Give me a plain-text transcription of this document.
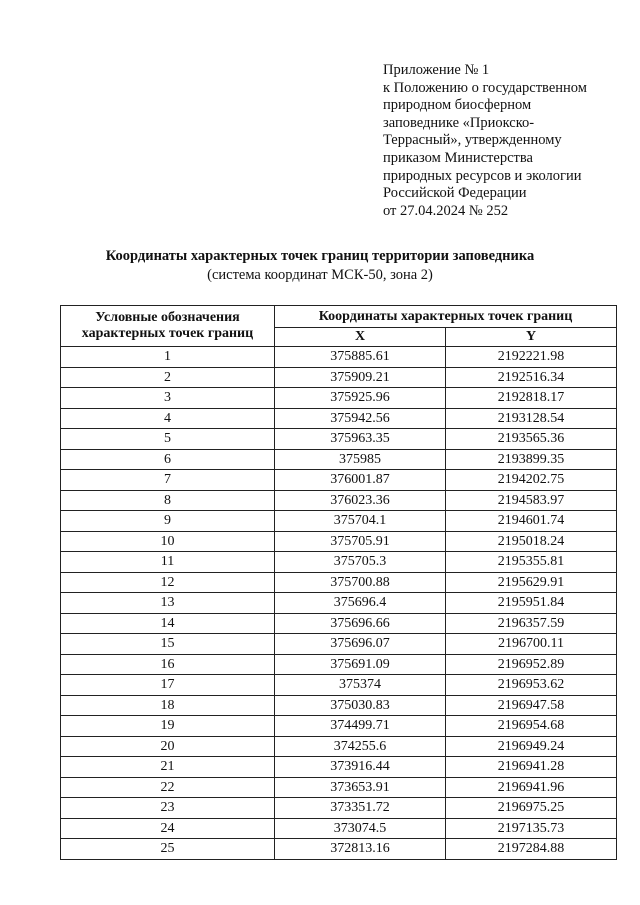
Приложение № 1
к Положению о государственном
природном биосферном
заповеднике «Приокско-
Террасный», утвержденному
приказом Министерства
природных ресурсов и экологии
Российской Федерации
от 27.04.2024 № 252
Координаты характерных точек границ территории заповедника
(система координат МСК-50, зона 2)
Условные обозначения
характерных точек границ	Координаты характерных точек границ	
	X	Y
1	375885.61	2192221.98
2	375909.21	2192516.34
3	375925.96	2192818.17
4	375942.56	2193128.54
5	375963.35	2193565.36
6	375985	2193899.35
7	376001.87	2194202.75
8	376023.36	2194583.97
9	375704.1	2194601.74
10	375705.91	2195018.24
11	375705.3	2195355.81
12	375700.88	2195629.91
13	375696.4	2195951.84
14	375696.66	2196357.59
15	375696.07	2196700.11
16	375691.09	2196952.89
17	375374	2196953.62
18	375030.83	2196947.58
19	374499.71	2196954.68
20	374255.6	2196949.24
21	373916.44	2196941.28
22	373653.91	2196941.96
23	373351.72	2196975.25
24	373074.5	2197135.73
25	372813.16	2197284.88
